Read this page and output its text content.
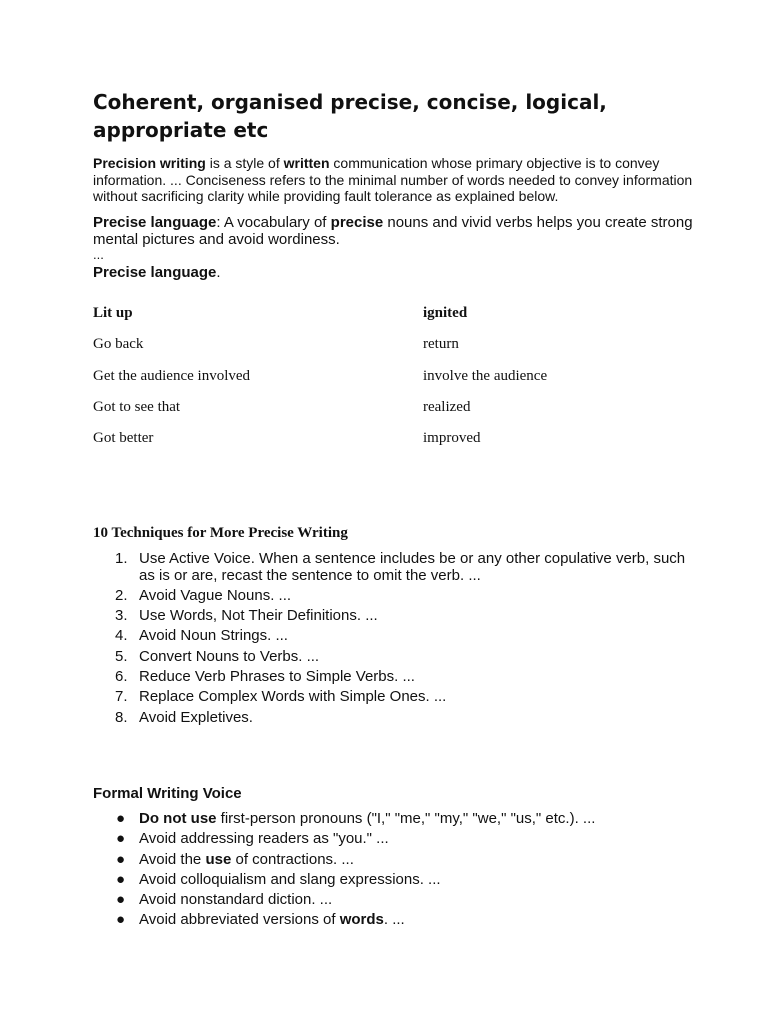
Coherent, organised precise, concise, logical, appropriate etc

Precision writing is a style of written communication whose primary objective is to convey information. ... Conciseness refers to the minimal number of words needed to convey information without sacrificing clarity while providing fault tolerance as explained below.

Precise language: A vocabulary of precise nouns and vivid verbs helps you create strong mental pictures and avoid wordiness.
...

Precise language.

Lit up	ignited
Go back	return
Get the audience involved	involve the audience
Got to see that	realized
Got better	improved
10 Techniques for More Precise Writing
1. Use Active Voice. When a sentence includes be or any other copulative verb, such as is or are, recast the sentence to omit the verb. ...
2. Avoid Vague Nouns. ...
3. Use Words, Not Their Definitions. ...
4. Avoid Noun Strings. ...
5. Convert Nouns to Verbs. ...
6. Reduce Verb Phrases to Simple Verbs. ...
7. Replace Complex Words with Simple Ones. ...
8. Avoid Expletives.
Formal Writing Voice
● Do not use first-person pronouns ("I," "me," "my," "we," "us," etc.). ...
● Avoid addressing readers as "you." ...
● Avoid the use of contractions. ...
● Avoid colloquialism and slang expressions. ...
● Avoid nonstandard diction. ...
● Avoid abbreviated versions of words. ...
